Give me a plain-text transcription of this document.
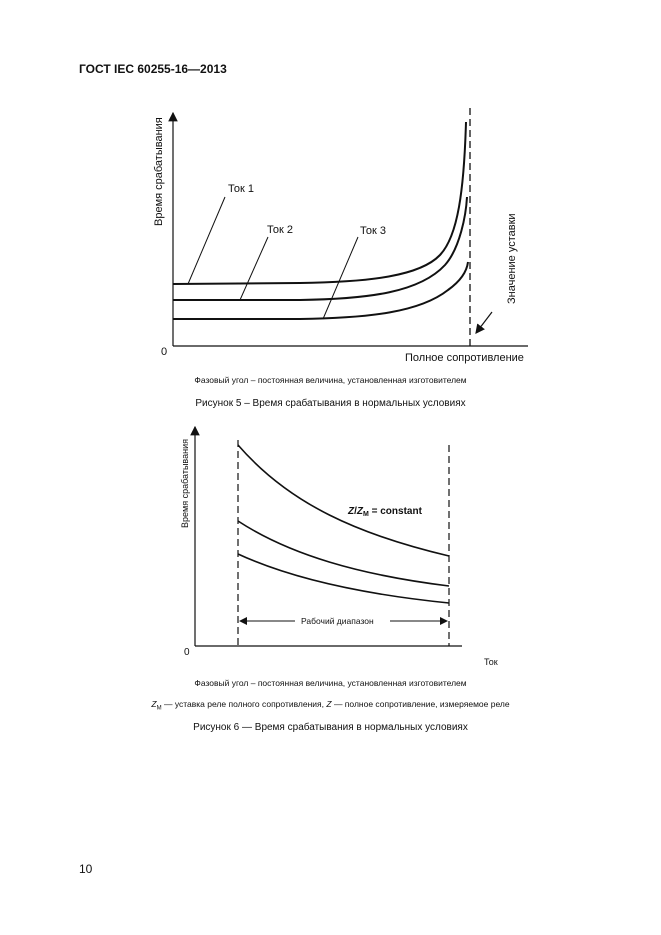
ГОСТ IEC 60255-16—2013
Ток 1
Ток 2	Ток 3
0	Полное сопротивление
Время срабатывания
Значение уставки
Рабочий диапазон
0
Ток
Время срабатывания	$Z/Z_M$ = constant
Фазовый угол – постоянная величина, установленная изготовителем
Рисунок 5 – Время срабатывания в нормальных условиях
Фазовый угол – постоянная величина, установленная изготовителем
$Z_M$ — уставка реле полного сопротивления, Z — полное сопротивление, измеряемое реле
Рисунок 6 — Время срабатывания в нормальных условиях
10
